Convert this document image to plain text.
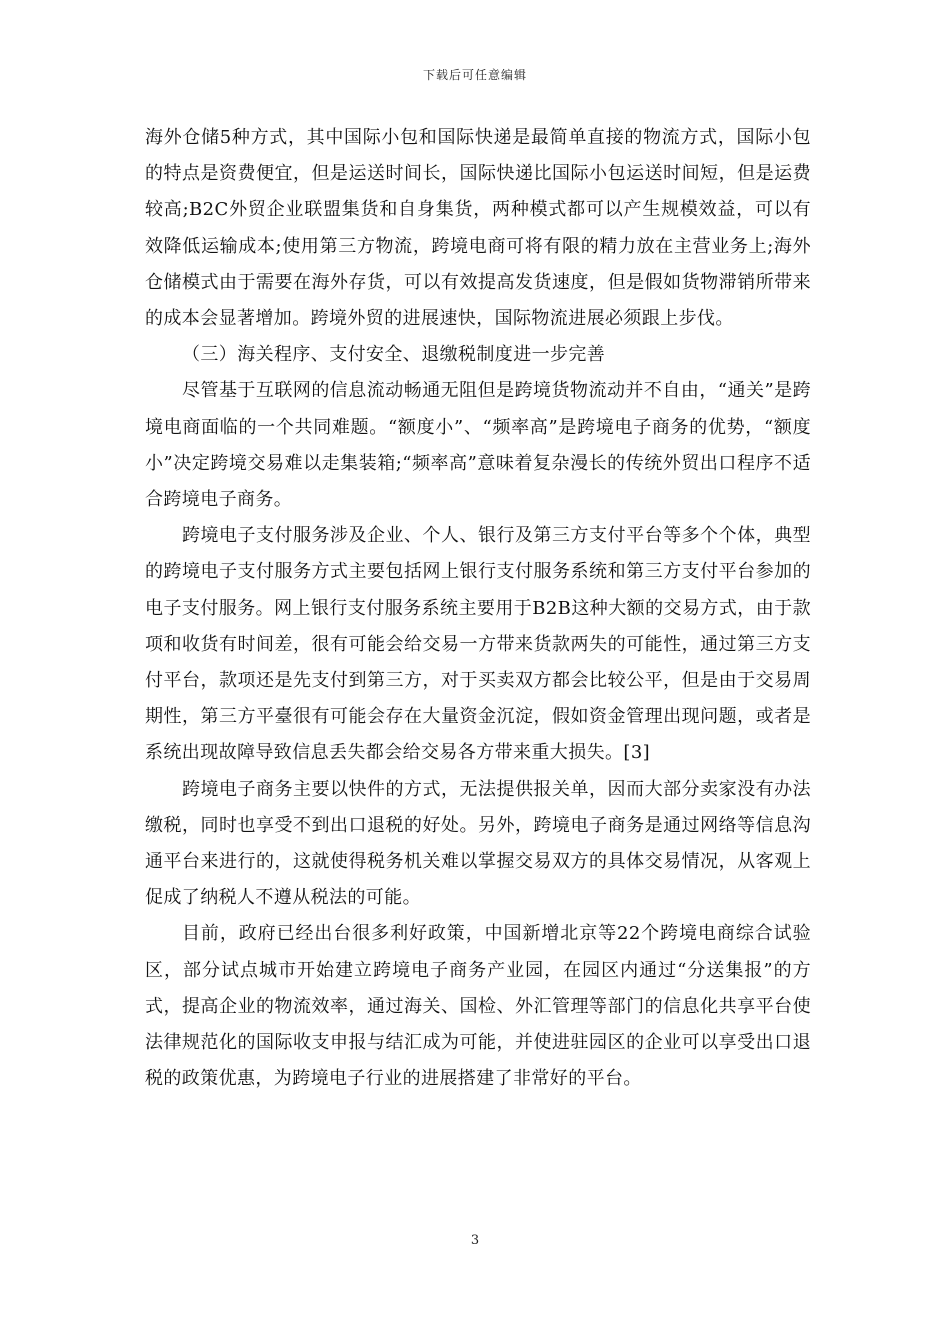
下载后可任意编辑

海外仓储5种方式，其中国际小包和国际快递是最简单直接的物流方式，国际小包的特点是资费便宜，但是运送时间长，国际快递比国际小包运送时间短，但是运费较高;B2C外贸企业联盟集货和自身集货，两种模式都可以产生规模效益，可以有效降低运输成本;使用第三方物流，跨境电商可将有限的精力放在主营业务上;海外仓储模式由于需要在海外存货，可以有效提高发货速度，但是假如货物滞销所带来的成本会显著增加。跨境外贸的进展速快，国际物流进展必须跟上步伐。

（三）海关程序、支付安全、退缴税制度进一步完善

尽管基于互联网的信息流动畅通无阻但是跨境货物流动并不自由，“通关”是跨境电商面临的一个共同难题。“额度小”、“频率高”是跨境电子商务的优势，“额度小”决定跨境交易难以走集装箱;“频率高”意味着复杂漫长的传统外贸出口程序不适合跨境电子商务。

跨境电子支付服务涉及企业、个人、银行及第三方支付平台等多个个体，典型的跨境电子支付服务方式主要包括网上银行支付服务系统和第三方支付平台参加的电子支付服务。网上银行支付服务系统主要用于B2B这种大额的交易方式，由于款项和收货有时间差，很有可能会给交易一方带来货款两失的可能性，通过第三方支付平台，款项还是先支付到第三方，对于买卖双方都会比较公平，但是由于交易周期性，第三方平臺很有可能会存在大量资金沉淀，假如资金管理出现问题，或者是系统出现故障导致信息丢失都会给交易各方带来重大损失。[3]

跨境电子商务主要以快件的方式，无法提供报关单，因而大部分卖家没有办法缴税，同时也享受不到出口退税的好处。另外，跨境电子商务是通过网络等信息沟通平台来进行的，这就使得税务机关难以掌握交易双方的具体交易情况，从客观上促成了纳税人不遵从税法的可能。

目前，政府已经出台很多利好政策，中国新增北京等22个跨境电商综合试验区，部分试点城市开始建立跨境电子商务产业园，在园区内通过“分送集报”的方式，提高企业的物流效率，通过海关、国检、外汇管理等部门的信息化共享平台使法律规范化的国际收支申报与结汇成为可能，并使进驻园区的企业可以享受出口退税的政策优惠，为跨境电子行业的进展搭建了非常好的平台。

3
